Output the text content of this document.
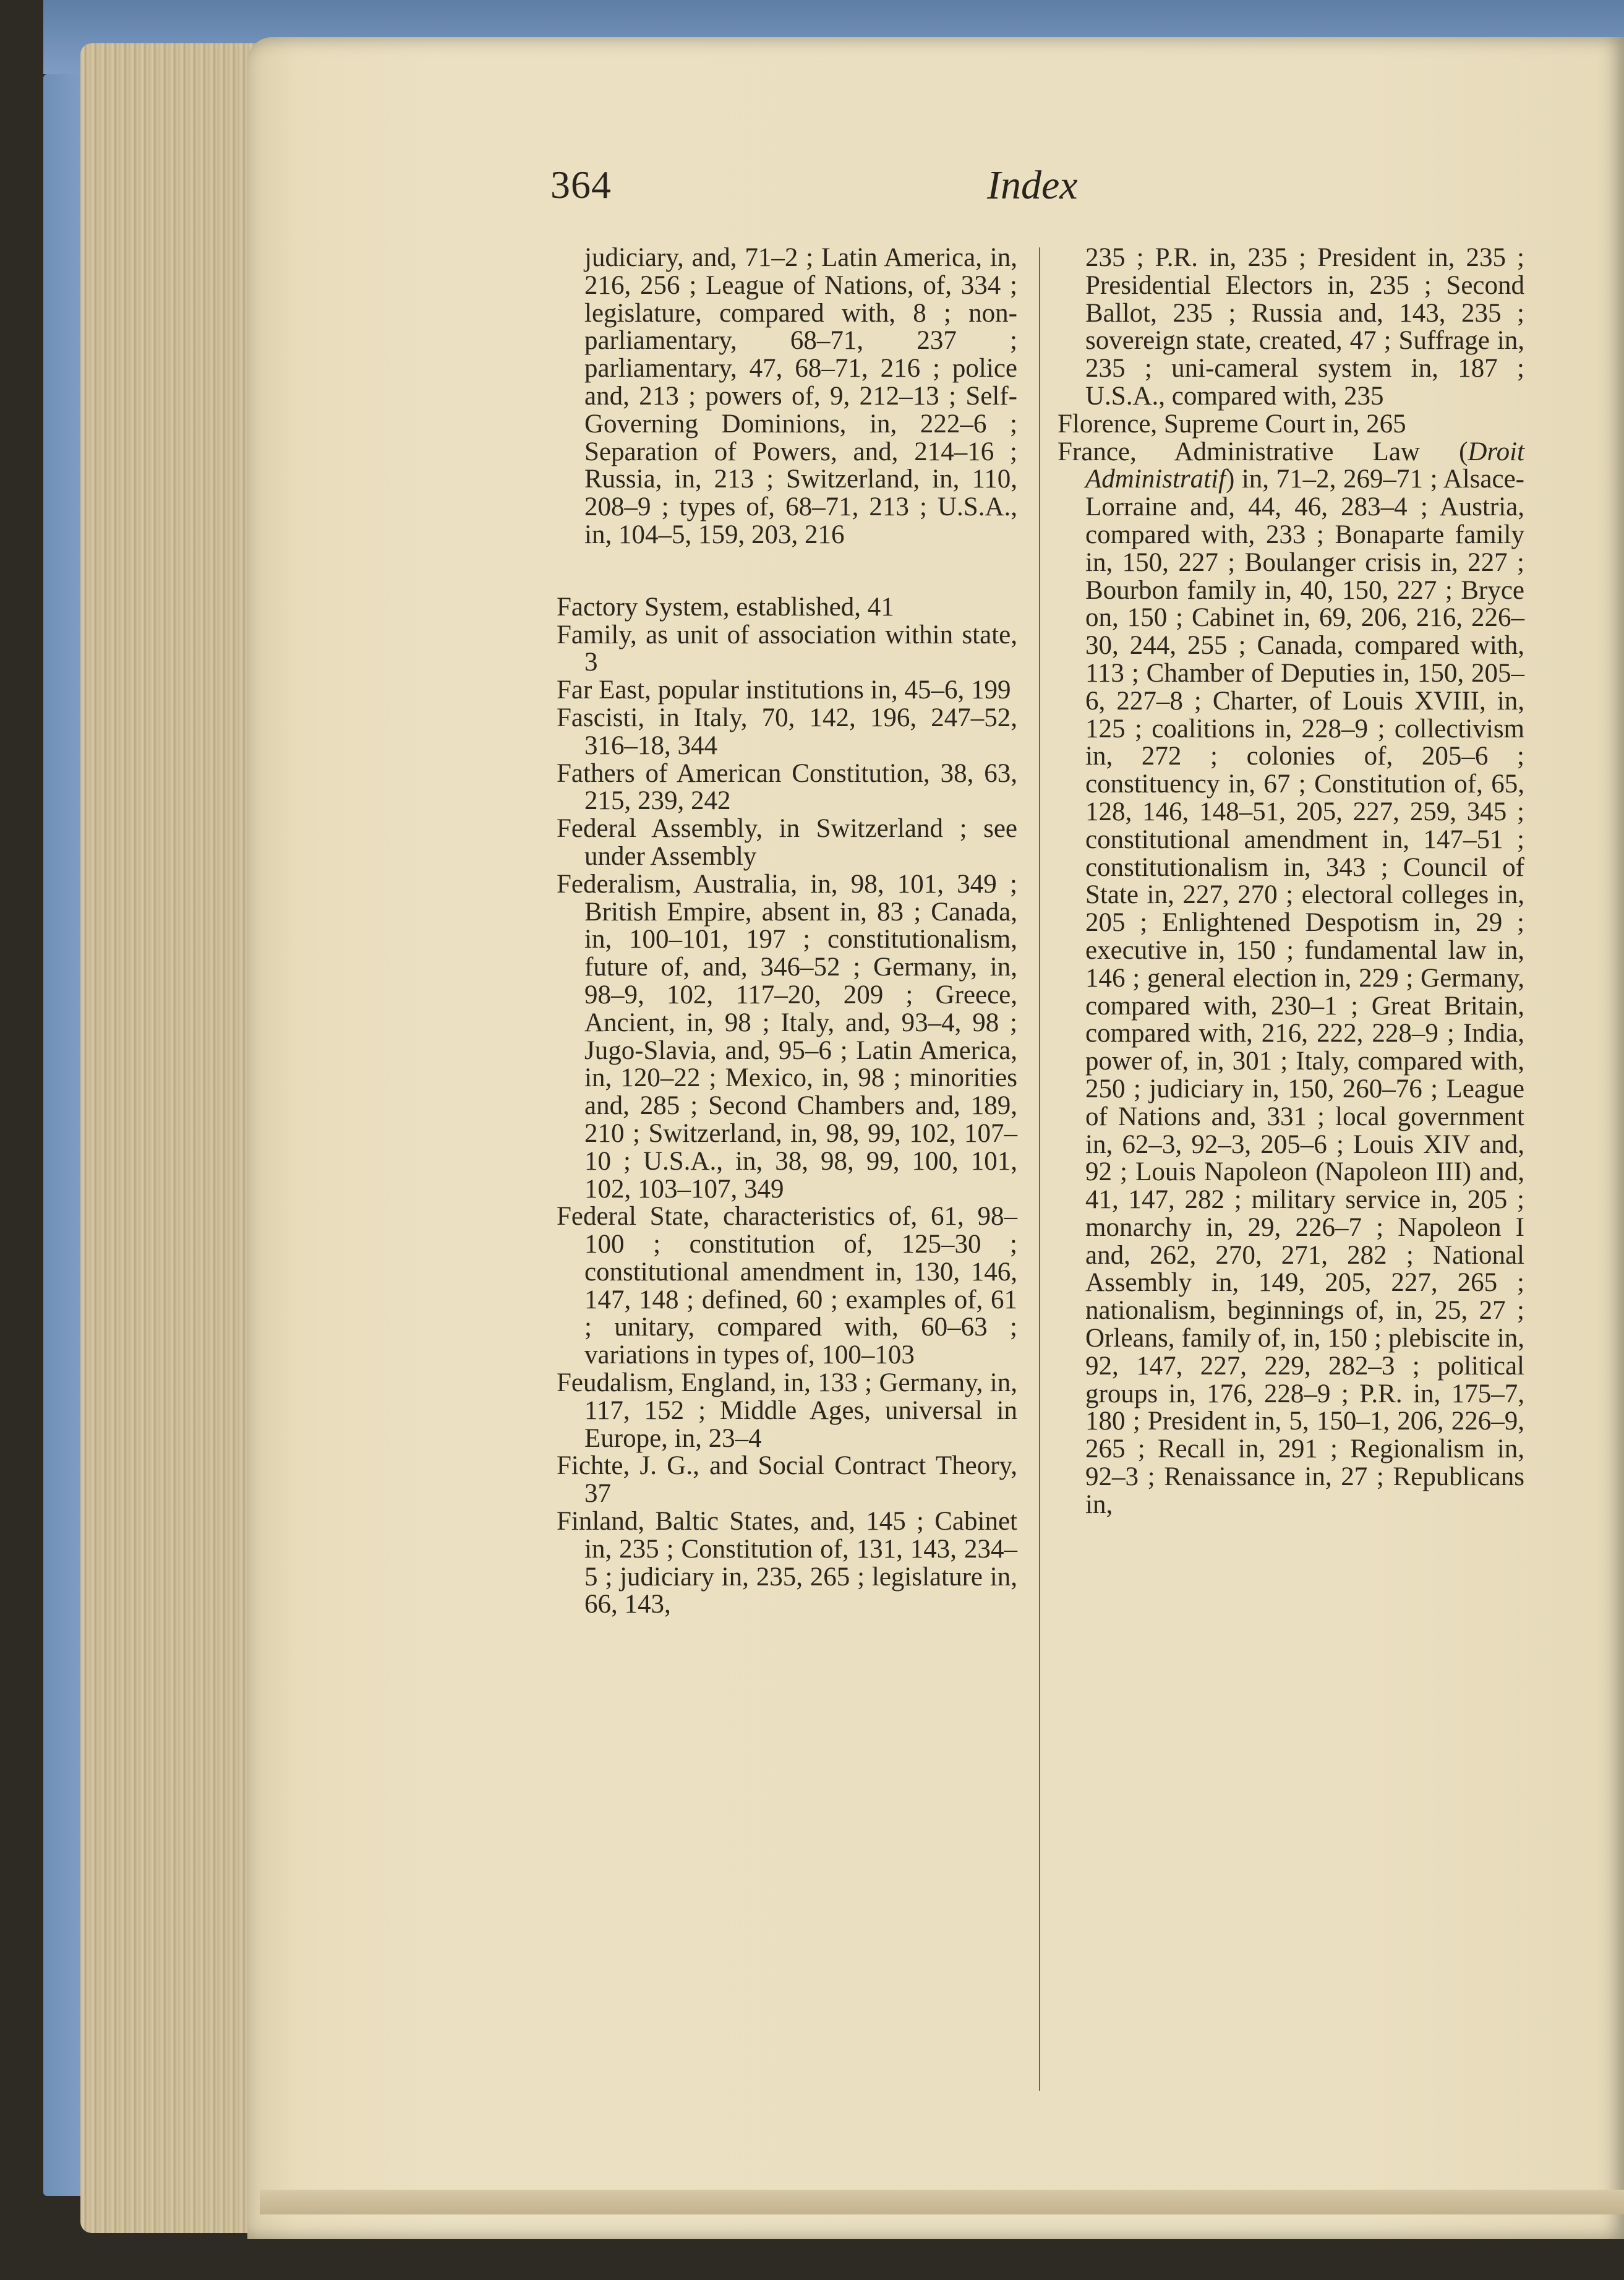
364	Index

judiciary, and, 71–2 ; Latin America, in, 216, 256 ; League of Nations, of, 334 ; legislature, compared with, 8 ; non-parliamentary, 68–71, 237 ; parliamentary, 47, 68–71, 216 ; police and, 213 ; powers of, 9, 212–13 ; Self-Governing Dominions, in, 222–6 ; Separation of Powers, and, 214–16 ; Russia, in, 213 ; Switzerland, in, 110, 208–9 ; types of, 68–71, 213 ; U.S.A., in, 104–5, 159, 203, 216

Factory System, established, 41

Family, as unit of association within state, 3

Far East, popular institutions in, 45–6, 199

Fascisti, in Italy, 70, 142, 196, 247–52, 316–18, 344

Fathers of American Constitution, 38, 63, 215, 239, 242

Federal Assembly, in Switzerland ; see under Assembly

Federalism, Australia, in, 98, 101, 349 ; British Empire, absent in, 83 ; Canada, in, 100–101, 197 ; constitutionalism, future of, and, 346–52 ; Germany, in, 98–9, 102, 117–20, 209 ; Greece, Ancient, in, 98 ; Italy, and, 93–4, 98 ; Jugo-Slavia, and, 95–6 ; Latin America, in, 120–22 ; Mexico, in, 98 ; minorities and, 285 ; Second Chambers and, 189, 210 ; Switzerland, in, 98, 99, 102, 107–10 ; U.S.A., in, 38, 98, 99, 100, 101, 102, 103–107, 349

Federal State, characteristics of, 61, 98–100 ; constitution of, 125–30 ; constitutional amendment in, 130, 146, 147, 148 ; defined, 60 ; examples of, 61 ; unitary, compared with, 60–63 ; variations in types of, 100–103

Feudalism, England, in, 133 ; Germany, in, 117, 152 ; Middle Ages, universal in Europe, in, 23–4

Fichte, J. G., and Social Contract Theory, 37

Finland, Baltic States, and, 145 ; Cabinet in, 235 ; Constitution of, 131, 143, 234–5 ; judiciary in, 235, 265 ; legislature in, 66, 143,

235 ; P.R. in, 235 ; President in, 235 ; Presidential Electors in, 235 ; Second Ballot, 235 ; Russia and, 143, 235 ; sovereign state, created, 47 ; Suffrage in, 235 ; uni-cameral system in, 187 ; U.S.A., compared with, 235

Florence, Supreme Court in, 265

France, Administrative Law (Droit Administratif) in, 71–2, 269–71 ; Alsace-Lorraine and, 44, 46, 283–4 ; Austria, compared with, 233 ; Bonaparte family in, 150, 227 ; Boulanger crisis in, 227 ; Bourbon family in, 40, 150, 227 ; Bryce on, 150 ; Cabinet in, 69, 206, 216, 226–30, 244, 255 ; Canada, compared with, 113 ; Chamber of Deputies in, 150, 205–6, 227–8 ; Charter, of Louis XVIII, in, 125 ; coalitions in, 228–9 ; collectivism in, 272 ; colonies of, 205–6 ; constituency in, 67 ; Constitution of, 65, 128, 146, 148–51, 205, 227, 259, 345 ; constitutional amendment in, 147–51 ; constitutionalism in, 343 ; Council of State in, 227, 270 ; electoral colleges in, 205 ; Enlightened Despotism in, 29 ; executive in, 150 ; fundamental law in, 146 ; general election in, 229 ; Germany, compared with, 230–1 ; Great Britain, compared with, 216, 222, 228–9 ; India, power of, in, 301 ; Italy, compared with, 250 ; judiciary in, 150, 260–76 ; League of Nations and, 331 ; local government in, 62–3, 92–3, 205–6 ; Louis XIV and, 92 ; Louis Napoleon (Napoleon III) and, 41, 147, 282 ; military service in, 205 ; monarchy in, 29, 226–7 ; Napoleon I and, 262, 270, 271, 282 ; National Assembly in, 149, 205, 227, 265 ; nationalism, beginnings of, in, 25, 27 ; Orleans, family of, in, 150 ; plebiscite in, 92, 147, 227, 229, 282–3 ; political groups in, 176, 228–9 ; P.R. in, 175–7, 180 ; President in, 5, 150–1, 206, 226–9, 265 ; Recall in, 291 ; Regionalism in, 92–3 ; Renaissance in, 27 ; Republicans in,
